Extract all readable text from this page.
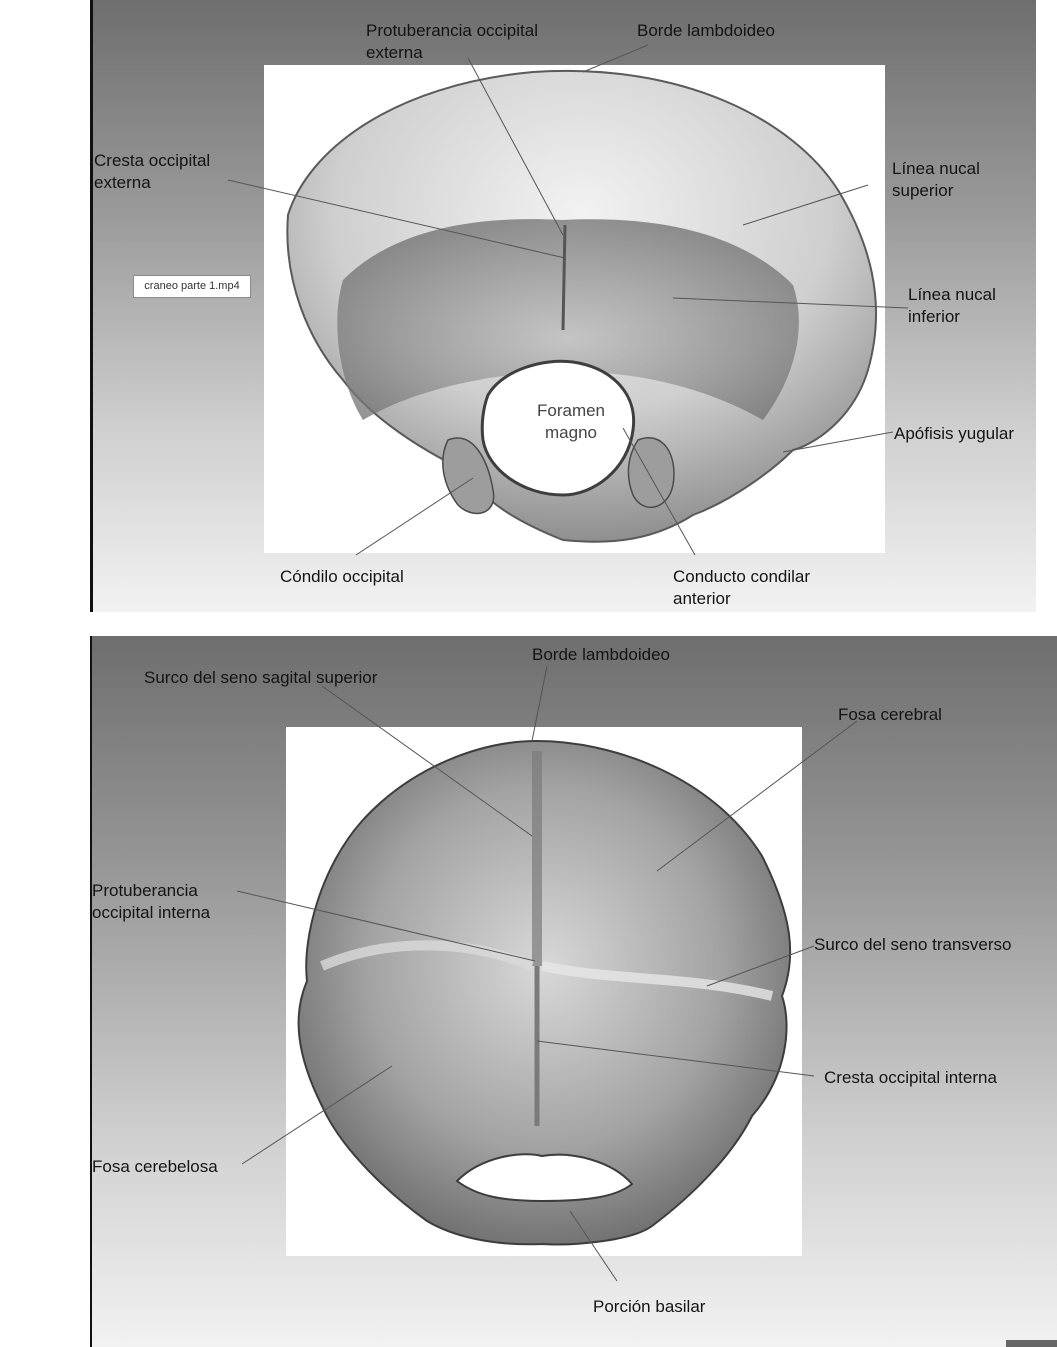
Protuberancia occipital externa
Borde lambdoideo
Cresta occipital externa
Línea nucal superior
Línea nucal inferior
Foramen magno	Apófisis yugular
Cóndilo occipital	Conducto condilar anterior
craneo parte 1.mp4
Borde lambdoideo
Surco del seno sagital superior
Fosa cerebral
Protuberancia occipital interna
Surco del seno transverso
Cresta occipital interna
Fosa cerebelosa
Porción basilar
